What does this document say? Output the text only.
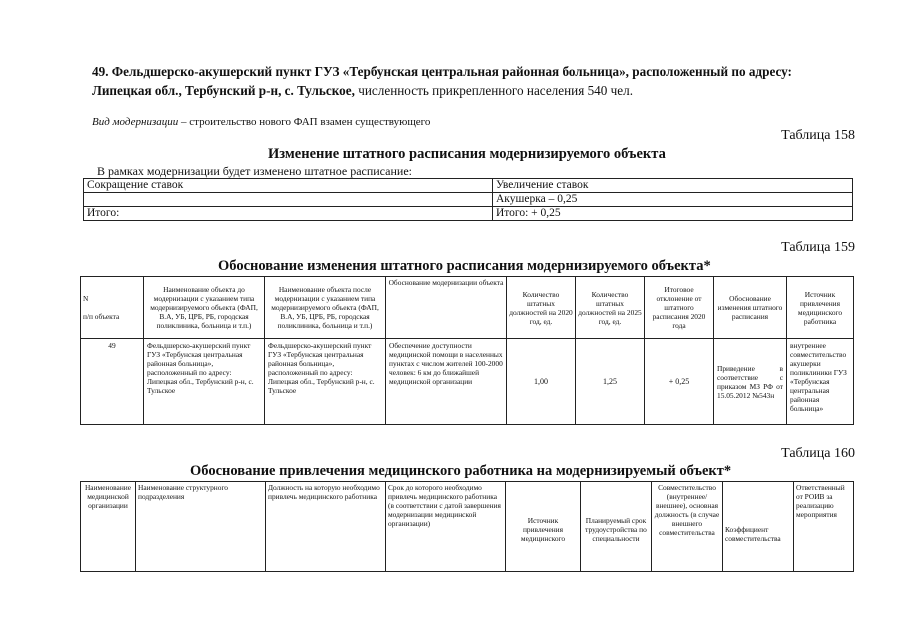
49. Фельдшерско-акушерский пункт ГУЗ «Тербунская центральная районная больница», расположенный по адресу: Липецкая обл., Тербунский р-н, с. Тульское, численность прикрепленного населения 540 чел.
Вид модернизации – строительство нового ФАП взамен существующего
Таблица 158
Изменение штатного расписания модернизируемого объекта
В рамках модернизации будет изменено штатное расписание:
Сокращение ставок	Увеличение ставок
	Акушерка – 0,25
Итого:	Итого: + 0,25
Таблица 159
Обоснование изменения штатного расписания модернизируемого объекта*
N

п/п объекта	Наименование объекта до модернизации с указанием типа модернизируемого объекта (ФАП, В.А, УБ, ЦРБ, РБ, городская поликлиника, больница и т.п.)	Наименование объекта после модернизации с указанием типа модернизируемого объекта (ФАП, В.А, УБ, ЦРБ, РБ, городская поликлиника, больница и т.п.)	Обоснование модернизации объекта	Количество штатных должностей на 2020 год, ед.	Количество штатных должностей на 2025 год, ед.	Итоговое отклонение от штатного расписания 2020 года	Обоснование изменения штатного расписания	Источник привлечения медицинского работника
49	Фельдшерско-акушерский пункт ГУЗ «Тербунская центральная районная больница», расположенный по адресу: Липецкая обл., Тербунский р-н, с. Тульское	Фельдшерско-акушерский пункт ГУЗ «Тербунская центральная районная больница», расположенный по адресу: Липецкая обл., Тербунский р-н, с. Тульское	Обеспечение доступности медицинской помощи в населенных пунктах с числом жителей 100-2000 человек: 6 км до ближайшей медицинской организации	1,00	1,25	+ 0,25	Приведение в соответствие с приказом МЗ РФ от 15.05.2012 №543н	внутреннее совместительство акушерки поликлиники ГУЗ «Тербунская центральная районная больница»
Таблица 160
Обоснование привлечения медицинского работника на модернизируемый объект*
Наименование медицинской организации	Наименование структурного подразделения	Должность на которую необходимо привлечь медицинского работника	Срок до которого необходимо привлечь медицинского работника (в соответствии с датой завершения модернизации медицинской организации)	Источник привлечения медицинского	Планируемый срок трудоустройства по специальности	Совместительство (внутреннее/внешнее), основная должность (в случае внешнего совместительства	Коэффициент совместительства	Ответственный от РОИВ за реализацию мероприятия
